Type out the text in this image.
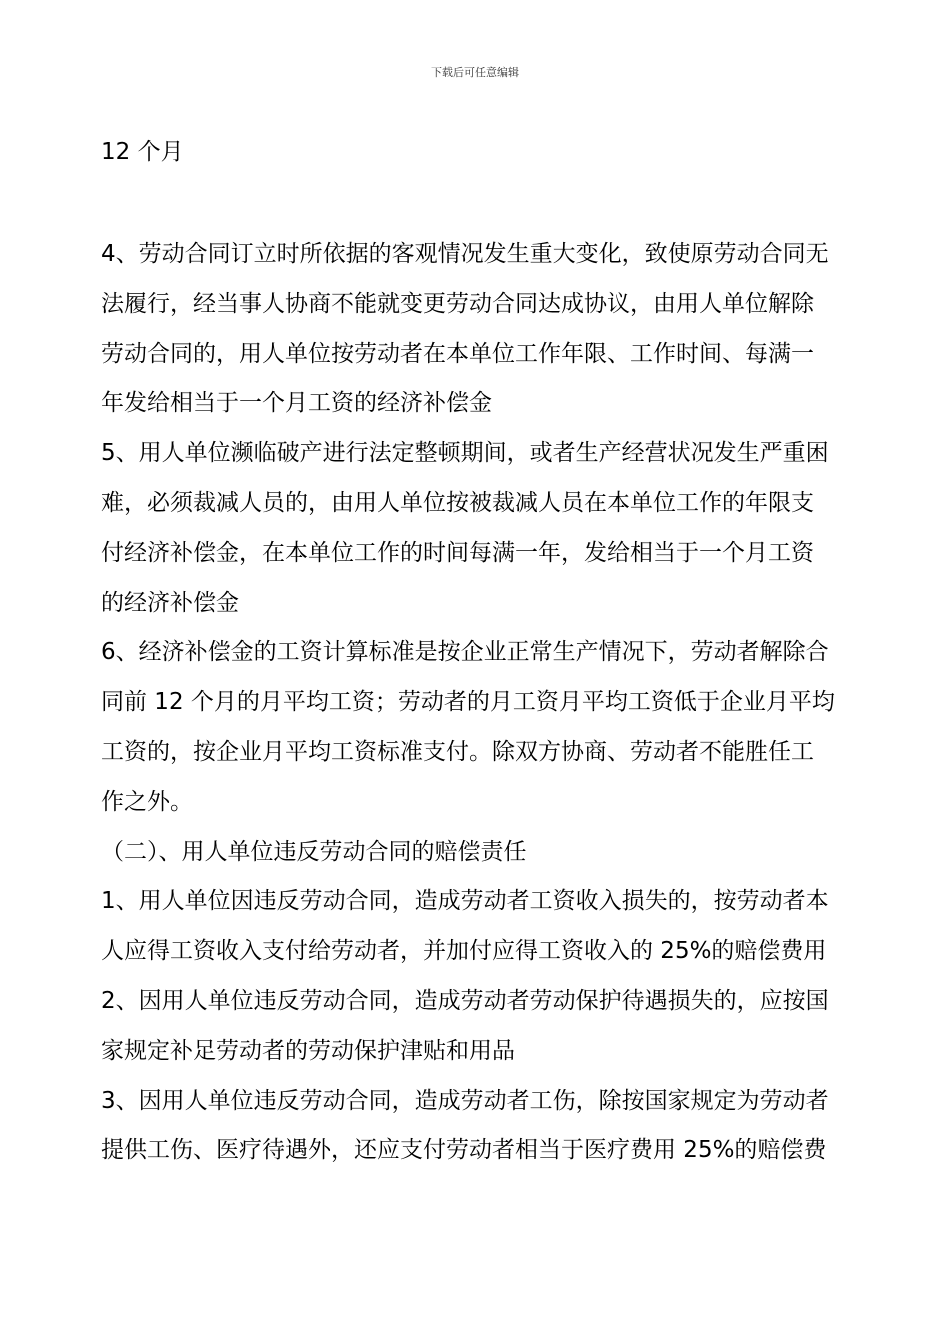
下载后可任意编辑
12 个月
4、劳动合同订立时所依据的客观情况发生重大变化，致使原劳动合同无
法履行，经当事人协商不能就变更劳动合同达成协议，由用人单位解除
劳动合同的，用人单位按劳动者在本单位工作年限、工作时间、每满一
年发给相当于一个月工资的经济补偿金
5、用人单位濒临破产进行法定整顿期间，或者生产经营状况发生严重困
难，必须裁减人员的，由用人单位按被裁减人员在本单位工作的年限支
付经济补偿金，在本单位工作的时间每满一年，发给相当于一个月工资
的经济补偿金
6、经济补偿金的工资计算标准是按企业正常生产情况下，劳动者解除合
同前 12 个月的月平均工资；劳动者的月工资月平均工资低于企业月平均
工资的，按企业月平均工资标准支付。除双方协商、劳动者不能胜任工
作之外。
（二）、用人单位违反劳动合同的赔偿责任
1、用人单位因违反劳动合同，造成劳动者工资收入损失的，按劳动者本
人应得工资收入支付给劳动者，并加付应得工资收入的 25%的赔偿费用
2、因用人单位违反劳动合同，造成劳动者劳动保护待遇损失的，应按国
家规定补足劳动者的劳动保护津贴和用品
3、因用人单位违反劳动合同，造成劳动者工伤，除按国家规定为劳动者
提供工伤、医疗待遇外，还应支付劳动者相当于医疗费用 25%的赔偿费
